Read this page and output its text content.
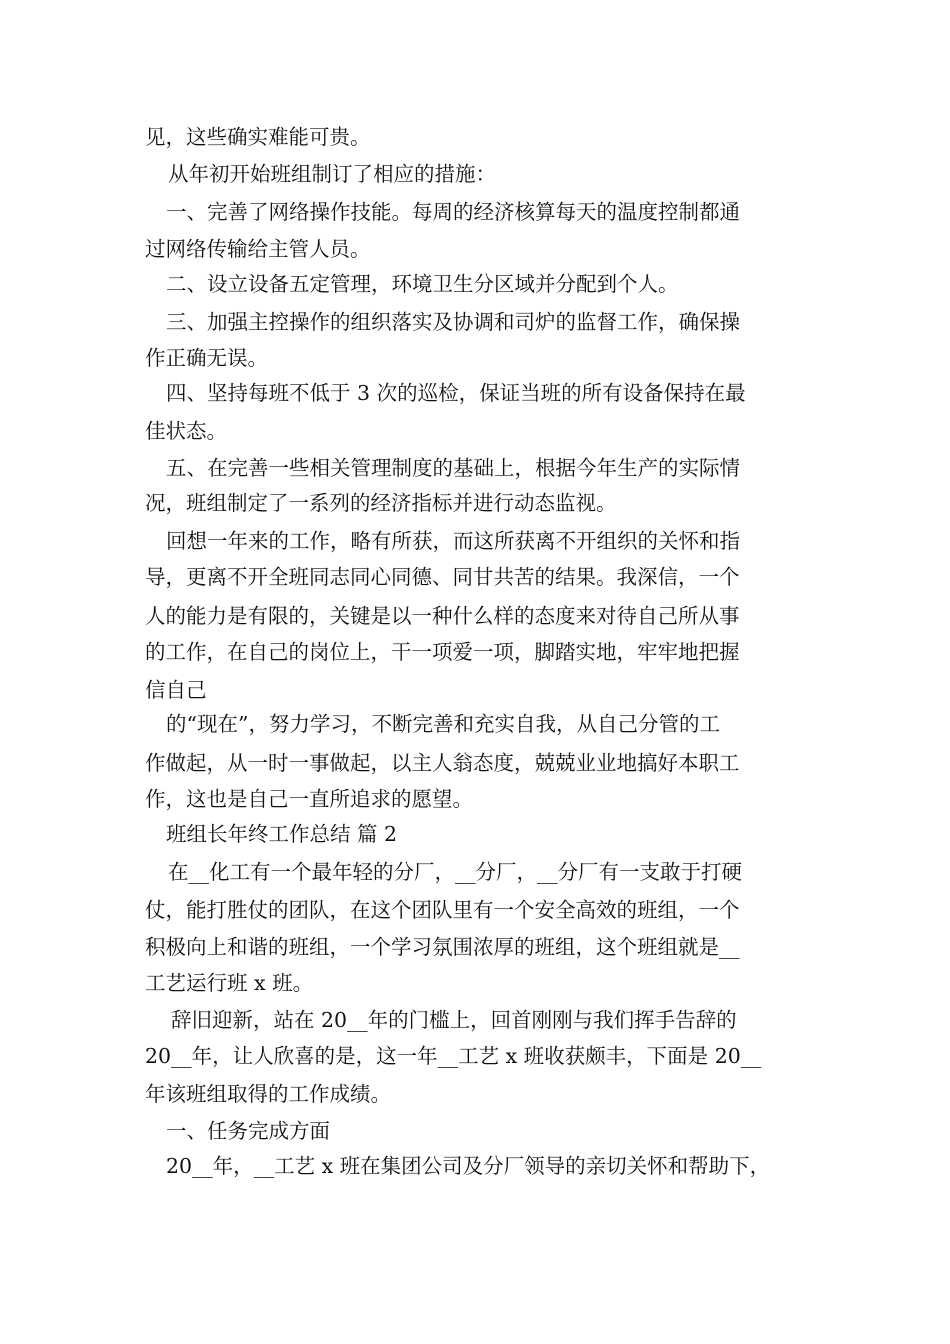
见，这些确实难能可贵。
从年初开始班组制订了相应的措施：
一、完善了网络操作技能。每周的经济核算每天的温度控制都通
过网络传输给主管人员。
二、设立设备五定管理，环境卫生分区域并分配到个人。
三、加强主控操作的组织落实及协调和司炉的监督工作，确保操
作正确无误。
四、坚持每班不低于 3 次的巡检，保证当班的所有设备保持在最
佳状态。
五、在完善一些相关管理制度的基础上，根据今年生产的实际情
况，班组制定了一系列的经济指标并进行动态监视。
回想一年来的工作，略有所获，而这所获离不开组织的关怀和指
导，更离不开全班同志同心同德、同甘共苦的结果。我深信，一个
人的能力是有限的，关键是以一种什么样的态度来对待自己所从事
的工作，在自己的岗位上，干一项爱一项，脚踏实地，牢牢地把握
信自己
的“现在”，努力学习，不断完善和充实自我，从自己分管的工
作做起，从一时一事做起，以主人翁态度，兢兢业业地搞好本职工
作，这也是自己一直所追求的愿望。
班组长年终工作总结 篇 2
在__化工有一个最年轻的分厂，__分厂，__分厂有一支敢于打硬
仗，能打胜仗的团队，在这个团队里有一个安全高效的班组，一个
积极向上和谐的班组，一个学习氛围浓厚的班组，这个班组就是__
工艺运行班 x 班。
辞旧迎新，站在 20__年的门槛上，回首刚刚与我们挥手告辞的
20__年，让人欣喜的是，这一年__工艺 x 班收获颇丰，下面是 20__
年该班组取得的工作成绩。
一、任务完成方面
20__年，__工艺 x 班在集团公司及分厂领导的亲切关怀和帮助下，
